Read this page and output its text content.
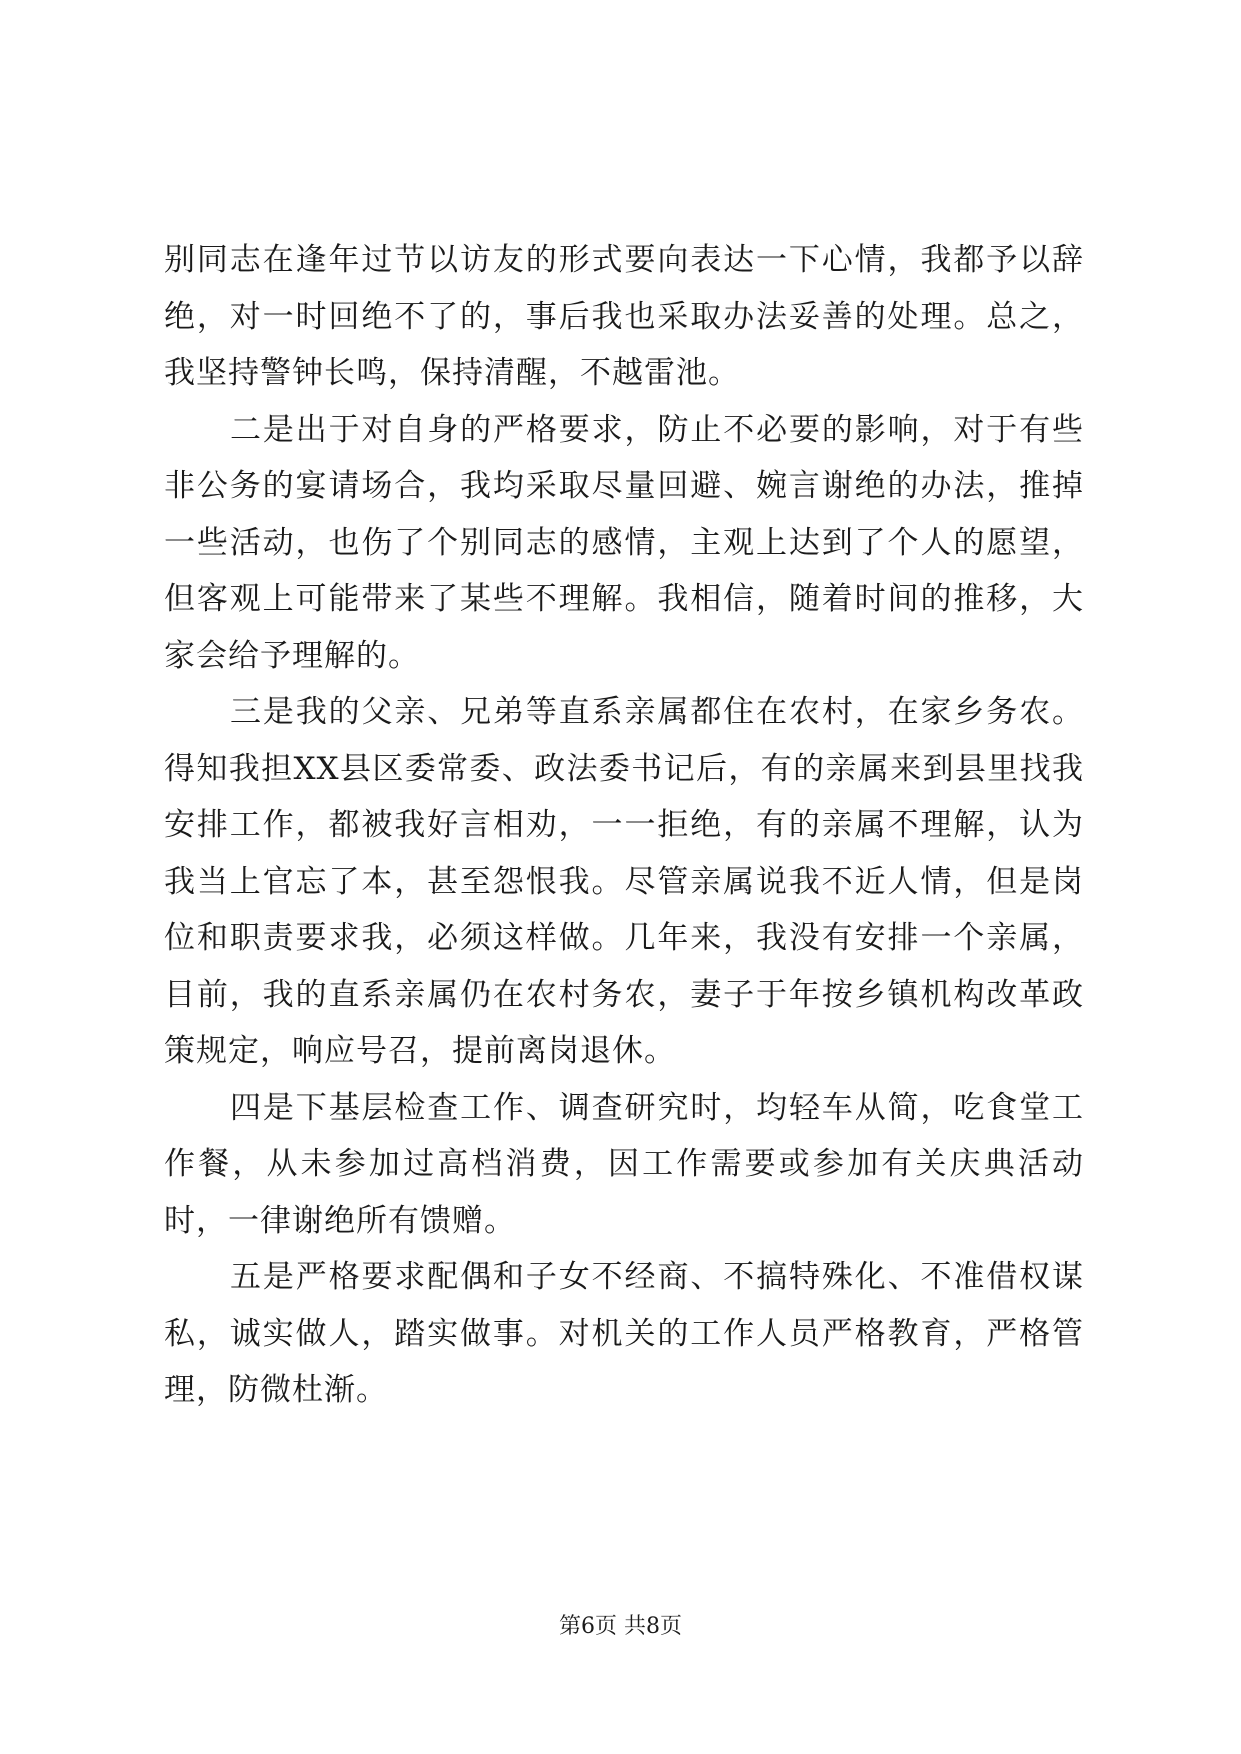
别同志在逢年过节以访友的形式要向表达一下心情，我都予以辞绝，对一时回绝不了的，事后我也采取办法妥善的处理。总之，我坚持警钟长鸣，保持清醒，不越雷池。

二是出于对自身的严格要求，防止不必要的影响，对于有些非公务的宴请场合，我均采取尽量回避、婉言谢绝的办法，推掉一些活动，也伤了个别同志的感情，主观上达到了个人的愿望，但客观上可能带来了某些不理解。我相信，随着时间的推移，大家会给予理解的。

三是我的父亲、兄弟等直系亲属都住在农村，在家乡务农。得知我担XX县区委常委、政法委书记后，有的亲属来到县里找我安排工作，都被我好言相劝，一一拒绝，有的亲属不理解，认为我当上官忘了本，甚至怨恨我。尽管亲属说我不近人情，但是岗位和职责要求我，必须这样做。几年来，我没有安排一个亲属，目前，我的直系亲属仍在农村务农，妻子于年按乡镇机构改革政策规定，响应号召，提前离岗退休。

四是下基层检查工作、调查研究时，均轻车从简，吃食堂工作餐，从未参加过高档消费，因工作需要或参加有关庆典活动时，一律谢绝所有馈赠。

五是严格要求配偶和子女不经商、不搞特殊化、不准借权谋私，诚实做人，踏实做事。对机关的工作人员严格教育，严格管理，防微杜渐。

第6页 共8页
